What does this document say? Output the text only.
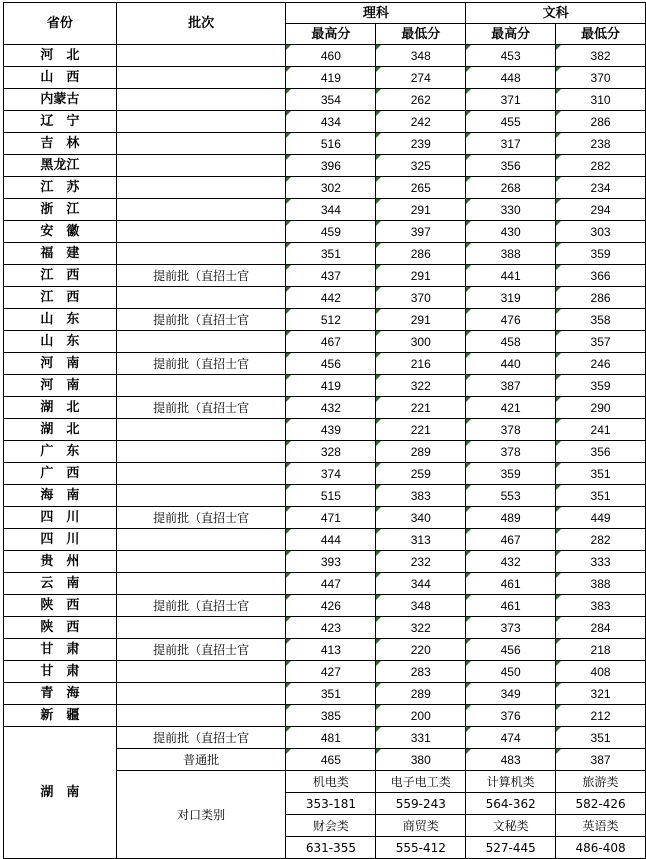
省份	批次	理科		文科	
		最高分	最低分	最高分	最低分
河　北		460	348	453	382
山　西		419	274	448	370
内蒙古		354	262	371	310
辽　宁		434	242	455	286
吉　林		516	239	317	238
黑龙江		396	325	356	282
江　苏		302	265	268	234
浙　江		344	291	330	294
安　徽		459	397	430	303
福　建		351	286	388	359
江　西	提前批（直招士官	437	291	441	366
江　西		442	370	319	286
山　东	提前批（直招士官	512	291	476	358
山　东		467	300	458	357
河　南	提前批（直招士官	456	216	440	246
河　南		419	322	387	359
湖　北	提前批（直招士官	432	221	421	290
湖　北		439	221	378	241
广　东		328	289	378	356
广　西		374	259	359	351
海　南		515	383	553	351
四　川	提前批（直招士官	471	340	489	449
四　川		444	313	467	282
贵　州		393	232	432	333
云　南		447	344	461	388
陕　西	提前批（直招士官	426	348	461	383
陕　西		423	322	373	284
甘　肃	提前批（直招士官	413	220	456	218
甘　肃		427	283	450	408
青　海		351	289	349	321
新　疆		385	200	376	212
湖　南	提前批（直招士官	481	331	474	351
	普通批	465	380	483	387
	对口类别	机电类	电子电工类	计算机类	旅游类
		353-181	559-243	564-362	582-426
		财会类	商贸类	文秘类	英语类
		631-355	555-412	527-445	486-408
